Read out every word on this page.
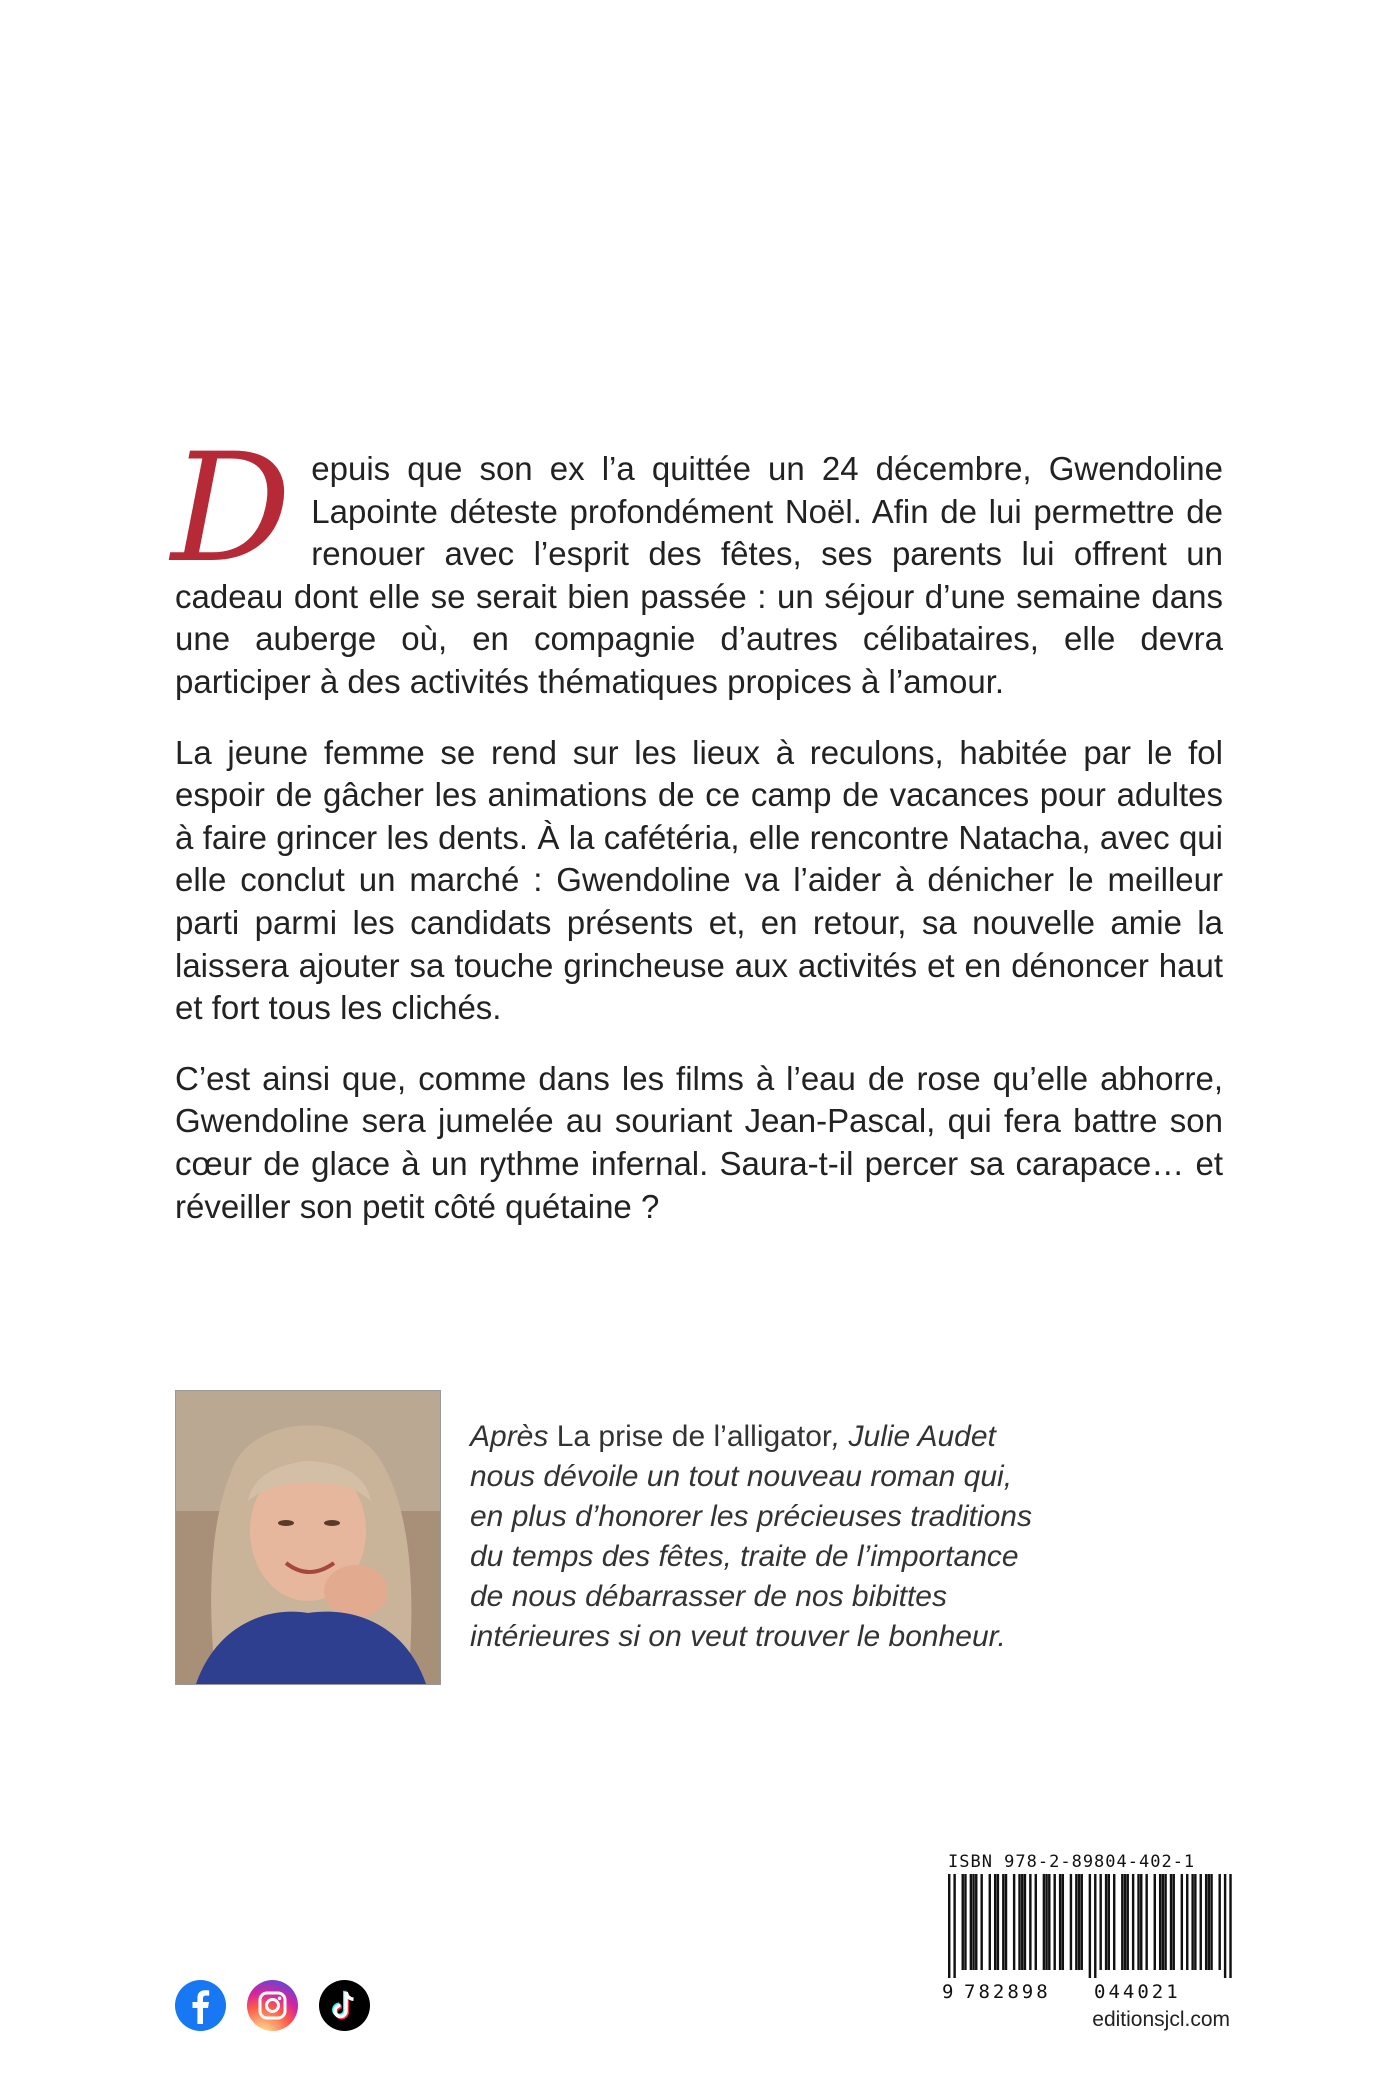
Depuis que son ex l’a quittée un 24 décembre, Gwendoline Lapointe déteste profondément Noël. Afin de lui permettre de renouer avec l’esprit des fêtes, ses parents lui offrent un cadeau dont elle se serait bien passée : un séjour d’une semaine dans une auberge où, en compagnie d’autres célibataires, elle devra participer à des activités thématiques propices à l’amour.

La jeune femme se rend sur les lieux à reculons, habitée par le fol espoir de gâcher les animations de ce camp de vacances pour adultes à faire grincer les dents. À la cafétéria, elle rencontre Natacha, avec qui elle conclut un marché : Gwendoline va l’aider à dénicher le meilleur parti parmi les candidats présents et, en retour, sa nouvelle amie la laissera ajouter sa touche grincheuse aux activités et en dénoncer haut et fort tous les clichés.

C’est ainsi que, comme dans les films à l’eau de rose qu’elle abhorre, Gwendoline sera jumelée au souriant Jean-Pascal, qui fera battre son cœur de glace à un rythme infernal. Saura-t-il percer sa carapace… et réveiller son petit côté quétaine ?

Après La prise de l’alligator, Julie Audet
nous dévoile un tout nouveau roman qui,
en plus d’honorer les précieuses traditions
du temps des fêtes, traite de l’importance
de nous débarrasser de nos bibittes
intérieures si on veut trouver le bonheur.
ISBN 978-2-89804-402-1
9 782898	044021
editionsjcl.com
